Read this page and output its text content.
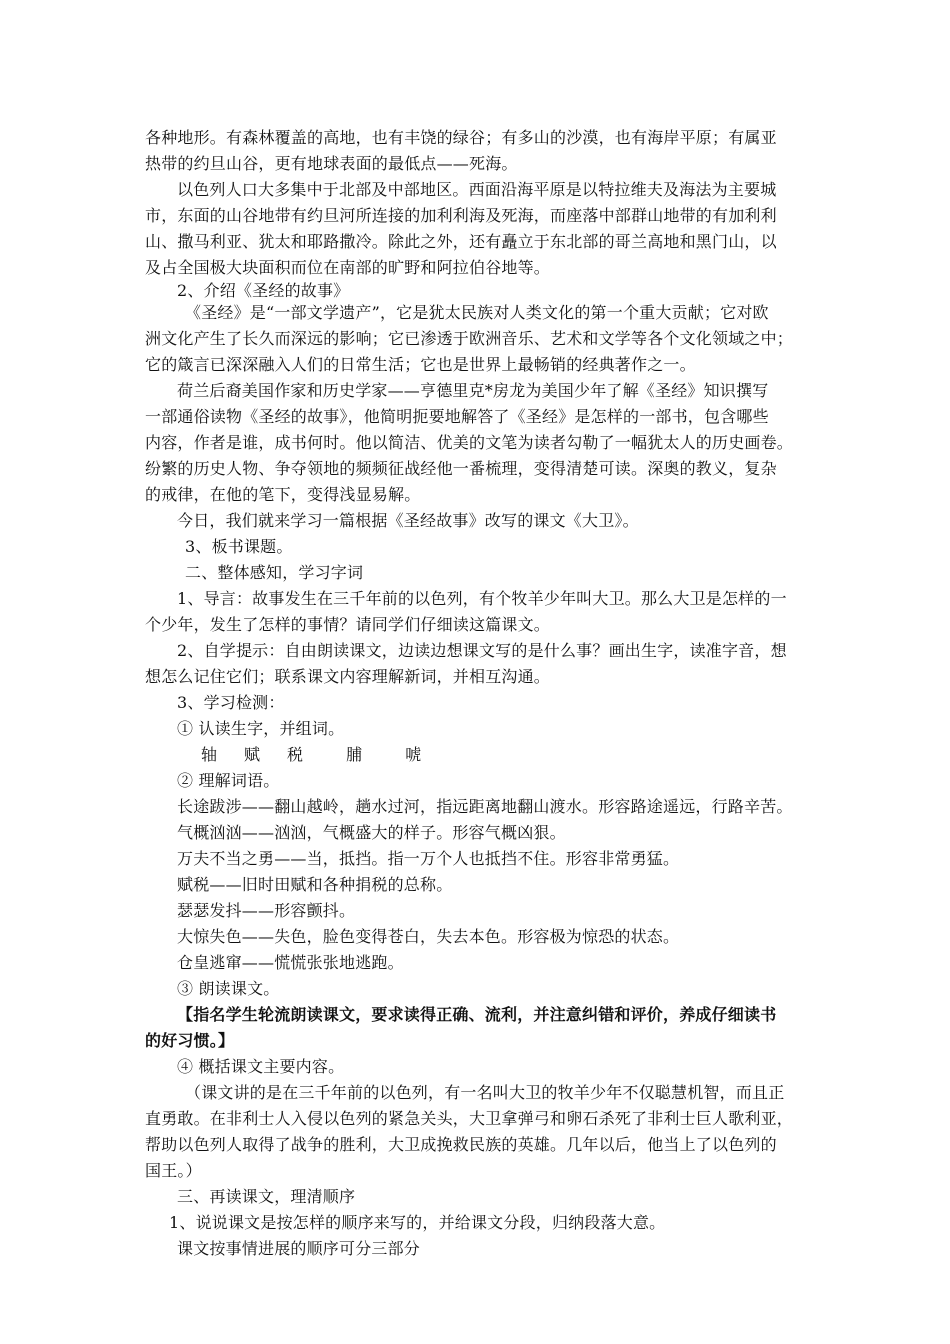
各种地形。有森林覆盖的高地，也有丰饶的绿谷；有多山的沙漠，也有海岸平原；有属亚
热带的约旦山谷，更有地球表面的最低点——死海。
以色列人口大多集中于北部及中部地区。西面沿海平原是以特拉维夫及海法为主要城
市，东面的山谷地带有约旦河所连接的加利利海及死海，而座落中部群山地带的有加利利
山、撒马利亚、犹太和耶路撒冷。除此之外，还有矗立于东北部的哥兰高地和黑门山，以
及占全国极大块面积而位在南部的旷野和阿拉伯谷地等。
2、介绍《圣经的故事》
《圣经》是“一部文学遗产”，它是犹太民族对人类文化的第一个重大贡献；它对欧
洲文化产生了长久而深远的影响；它已渗透于欧洲音乐、艺术和文学等各个文化领域之中；
它的箴言已深深融入人们的日常生活；它也是世界上最畅销的经典著作之一。
荷兰后裔美国作家和历史学家——亨德里克*房龙为美国少年了解《圣经》知识撰写
一部通俗读物《圣经的故事》，他简明扼要地解答了《圣经》是怎样的一部书，包含哪些
内容，作者是谁，成书何时。他以简洁、优美的文笔为读者勾勒了一幅犹太人的历史画卷。
纷繁的历史人物、争夺领地的频频征战经他一番梳理，变得清楚可读。深奥的教义，复杂
的戒律，在他的笔下，变得浅显易解。
今日，我们就来学习一篇根据《圣经故事》改写的课文《大卫》。
3、板书课题。
二、整体感知，学习字词
1、导言：故事发生在三千年前的以色列，有个牧羊少年叫大卫。那么大卫是怎样的一
个少年，发生了怎样的事情？请同学们仔细读这篇课文。
2、自学提示：自由朗读课文，边读边想课文写的是什么事？画出生字，读准字音，想
想怎么记住它们；联系课文内容理解新词，并相互沟通。
3、学习检测：
① 认读生字，并组词。
轴 　 赋 　 税 　　 脯 　　 唬
② 理解词语。
长途跋涉——翻山越岭，趟水过河，指远距离地翻山渡水。形容路途遥远，行路辛苦。
气概汹汹——汹汹，气概盛大的样子。形容气概凶狠。
万夫不当之勇——当，抵挡。指一万个人也抵挡不住。形容非常勇猛。
赋税——旧时田赋和各种捐税的总称。
瑟瑟发抖——形容颤抖。
大惊失色——失色，脸色变得苍白，失去本色。形容极为惊恐的状态。
仓皇逃窜——慌慌张张地逃跑。
③ 朗读课文。
【指名学生轮流朗读课文，要求读得正确、流利，并注意纠错和评价，养成仔细读书
的好习惯。】
④ 概括课文主要内容。
（课文讲的是在三千年前的以色列，有一名叫大卫的牧羊少年不仅聪慧机智，而且正
直勇敢。在非利士人入侵以色列的紧急关头，大卫拿弹弓和卵石杀死了非利士巨人歌利亚，
帮助以色列人取得了战争的胜利，大卫成挽救民族的英雄。几年以后，他当上了以色列的
国王。）
三、再读课文，理清顺序
1、说说课文是按怎样的顺序来写的，并给课文分段，归纳段落大意。
课文按事情进展的顺序可分三部分
